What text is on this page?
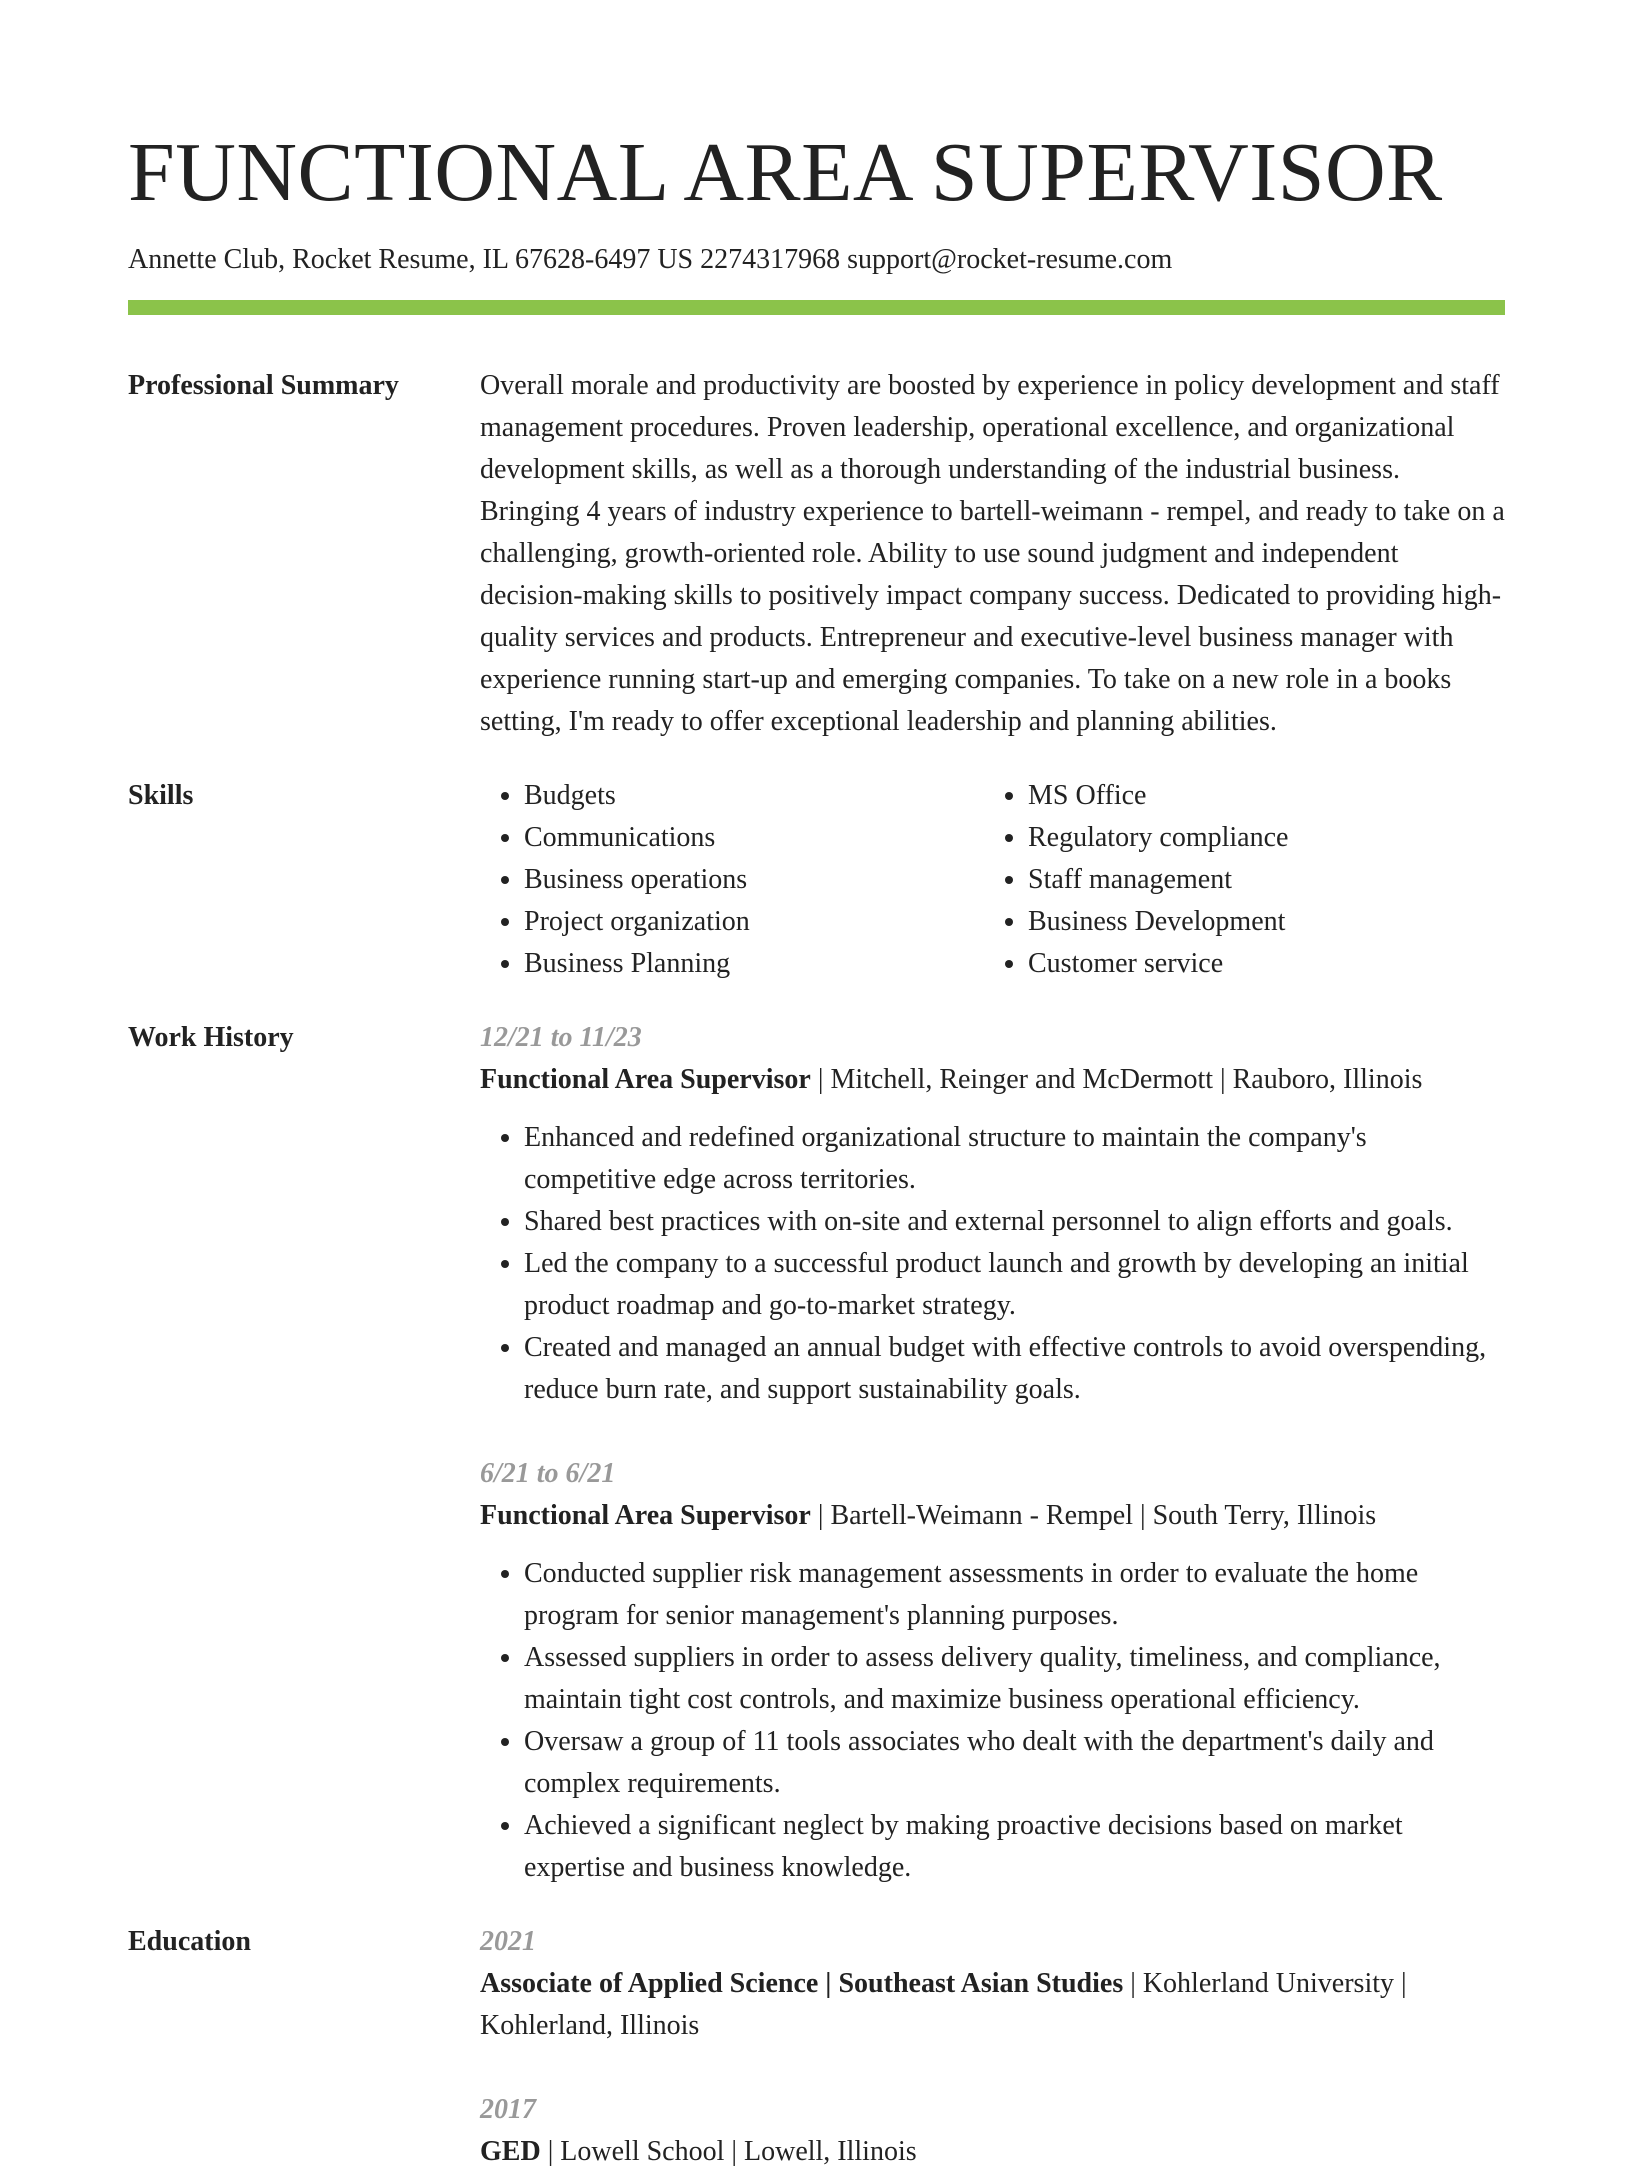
FUNCTIONAL AREA SUPERVISOR
Annette Club, Rocket Resume, IL 67628-6497 US 2274317968 support@rocket-resume.com
Professional Summary	Overall morale and productivity are boosted by experience in policy development and staff management procedures. Proven leadership, operational excellence, and organizational development skills, as well as a thorough understanding of the industrial business. Bringing 4 years of industry experience to bartell-weimann - rempel, and ready to take on a challenging, growth-oriented role. Ability to use sound judgment and independent decision-making skills to positively impact company success. Dedicated to providing high-quality services and products. Entrepreneur and executive-level business manager with experience running start-up and emerging companies. To take on a new role in a books setting, I'm ready to offer exceptional leadership and planning abilities.

Skills
•	Budgets
• Communications
• Business operations
• Project organization
• Business Planning
• MS Office
• Regulatory compliance
• Staff management
• Business Development
• Customer service
Work History	12/21 to 11/23
Functional Area Supervisor | Mitchell, Reinger and McDermott | Rauboro, Illinois
• Enhanced and redefined organizational structure to maintain the company's competitive edge across territories.
• Shared best practices with on-site and external personnel to align efforts and goals.
• Led the company to a successful product launch and growth by developing an initial product roadmap and go-to-market strategy.
• Created and managed an annual budget with effective controls to avoid overspending, reduce burn rate, and support sustainability goals.
6/21 to 6/21
Functional Area Supervisor | Bartell-Weimann - Rempel | South Terry, Illinois
• Conducted supplier risk management assessments in order to evaluate the home program for senior management's planning purposes.
• Assessed suppliers in order to assess delivery quality, timeliness, and compliance, maintain tight cost controls, and maximize business operational efficiency.
• Oversaw a group of 11 tools associates who dealt with the department's daily and complex requirements.
• Achieved a significant neglect by making proactive decisions based on market expertise and business knowledge.
Education	2021
Associate of Applied Science | Southeast Asian Studies | Kohlerland University | Kohlerland, Illinois
2017
GED | Lowell School | Lowell, Illinois
